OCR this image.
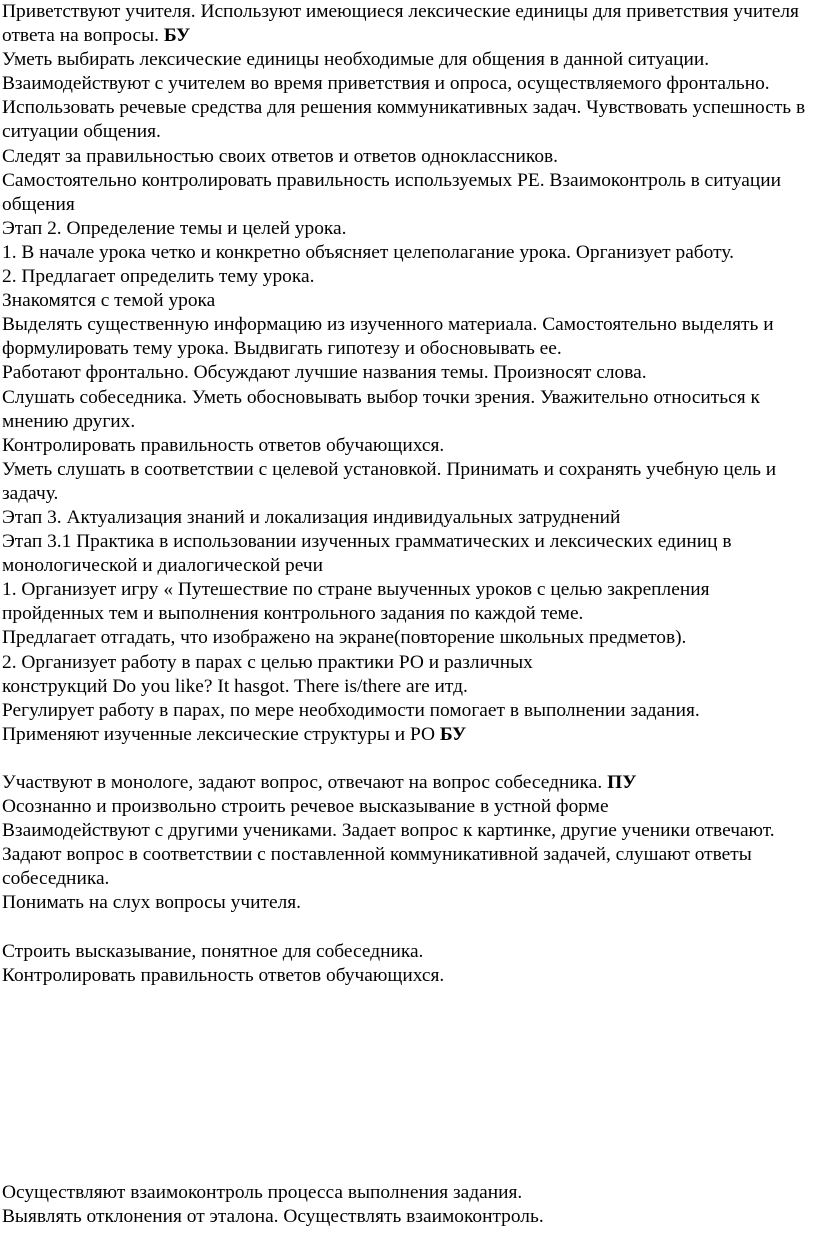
Приветствуют учителя. Используют имеющиеся лексические единицы для приветствия учителя ответа на вопросы. БУ
Уметь выбирать лексические единицы необходимые для общения в данной ситуации.
Взаимодействуют с учителем во время приветствия и опроса, осуществляемого фронтально.
Использовать речевые средства для решения коммуникативных задач. Чувствовать успешность в ситуации общения.
Следят за правильностью своих ответов и ответов одноклассников.
Самостоятельно контролировать правильность используемых РЕ. Взаимоконтроль в ситуации общения
Этап 2. Определение темы и целей урока.
1. В начале урока четко и конкретно объясняет целеполагание урока. Организует работу.
2. Предлагает определить тему урока.
Знакомятся с темой урока
Выделять существенную информацию из изученного материала. Самостоятельно выделять и формулировать тему урока. Выдвигать гипотезу и обосновывать ее.
Работают фронтально. Обсуждают лучшие названия темы. Произносят слова.
Слушать собеседника. Уметь обосновывать выбор точки зрения. Уважительно относиться к мнению других.
Контролировать правильность ответов обучающихся.
Уметь слушать в соответствии с целевой установкой. Принимать и сохранять учебную цель и задачу.
Этап 3. Актуализация знаний и локализация индивидуальных затруднений
Этап 3.1 Практика в использовании изученных грамматических и лексических единиц в монологической и диалогической речи
1. Организует игру « Путешествие по стране выученных уроков с целью закрепления пройденных тем и выполнения контрольного задания по каждой теме.
Предлагает отгадать, что изображено на экране(повторение школьных предметов).
2. Организует работу в парах с целью практики РО и различных
конструкций Do you like? It hasgot. There is/there are итд.
Регулирует работу в парах, по мере необходимости помогает в выполнении задания.
Применяют изученные лексические структуры и РО БУ
Участвуют в монологе, задают вопрос, отвечают на вопрос собеседника. ПУ
Осознанно и произвольно строить речевое высказывание в устной форме
Взаимодействуют с другими учениками. Задает вопрос к картинке, другие ученики отвечают.
Задают вопрос в соответствии с поставленной коммуникативной задачей, слушают ответы собеседника.
Понимать на слух вопросы учителя.
Строить высказывание, понятное для собеседника.
Контролировать правильность ответов обучающихся.
Осуществляют взаимоконтроль процесса выполнения задания.
Выявлять отклонения от эталона. Осуществлять взаимоконтроль.
